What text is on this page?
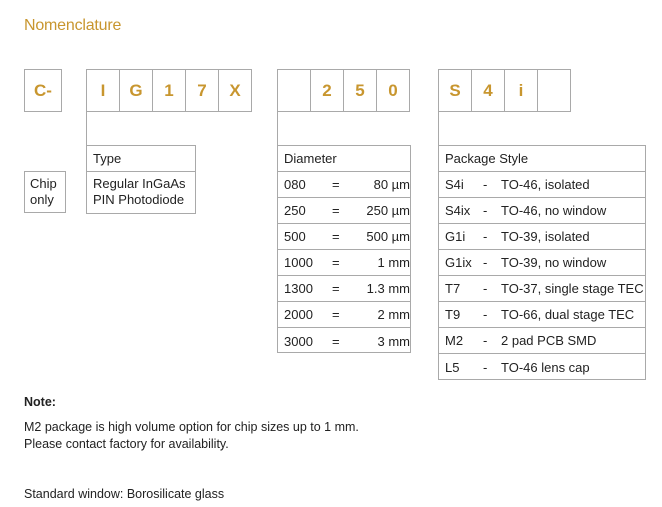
Nomenclature
C-	I	G	1	7	X	2	5	0	S	4	i
Chip
only
Type
Regular InGaAs
PIN Photodiode
Diameter
080	=	80 µm
250	=	250 µm
500	=	500 µm
1000	=	1 mm
1300	=	1.3 mm
2000	=	2 mm
3000	=	3 mm
Package Style
S4i	-	TO-46, isolated
S4ix -	TO-46, no window
G1i	-	TO-39, isolated
G1ix -	TO-39, no window
T7	-	TO-37, single stage TEC
T9	-	TO-66, dual stage TEC
M2	-	2 pad PCB SMD
L5	-	TO-46 lens cap
Note:
M2 package is high volume option for chip sizes up to 1 mm.
Please contact factory for availability.
Standard window: Borosilicate glass
